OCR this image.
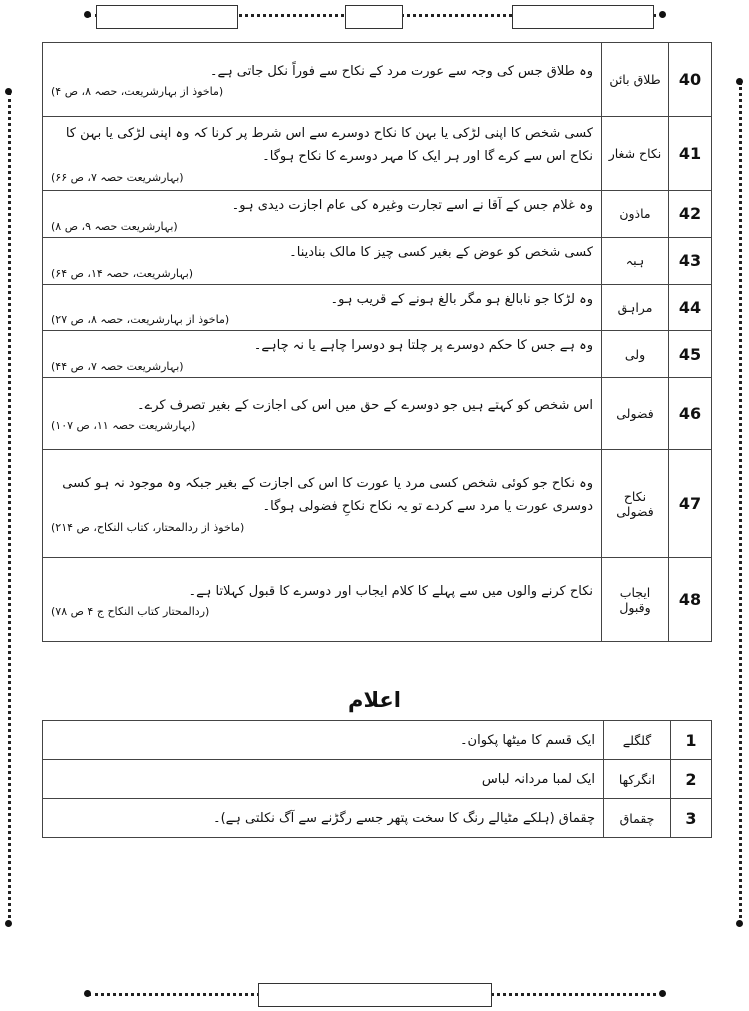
40	طلاق بائن	وہ طلاق جس کی وجہ سے عورت مرد کے نکاح سے فوراً نکل جاتی ہے۔
(ماخوذ از بہارشریعت، حصہ ۸، ص ۴)

41	نکاح شغار	کسی شخص کا اپنی لڑکی یا بہن کا نکاح دوسرے سے اس شرط پر کرنا کہ وہ اپنی لڑکی یا بہن کا نکاح اس سے کرے گا اور ہر ایک کا مہر دوسرے کا نکاح ہوگا۔
(بہارشریعت حصہ ۷، ص ۶۶)

42	ماذون	وہ غلام جس کے آقا نے اسے تجارت وغیرہ کی عام اجازت دیدی ہو۔
(بہارشریعت حصہ ۹، ص ۸)

43	ہبہ	کسی شخص کو عوض کے بغیر کسی چیز کا مالک بنادینا۔
(بہارشریعت، حصہ ۱۴، ص ۶۴)

44	مراہق	وہ لڑکا جو نابالغ ہو مگر بالغ ہونے کے قریب ہو۔
(ماخوذ از بہارشریعت، حصہ ۸، ص ۲۷)

45	ولی	وہ ہے جس کا حکم دوسرے پر چلتا ہو دوسرا چاہے یا نہ چاہے۔
(بہارشریعت حصہ ۷، ص ۴۴)

46	فضولی	اس شخص کو کہتے ہیں جو دوسرے کے حق میں اس کی اجازت کے بغیر تصرف کرے۔
(بہارشریعت حصہ ۱۱، ص ۱۰۷)

47	نکاح فضولی	وہ نکاح جو کوئی شخص کسی مرد یا عورت کا اس کی اجازت کے بغیر جبکہ وہ موجود نہ ہو کسی دوسری عورت یا مرد سے کردے تو یہ نکاح نکاحِ فضولی ہوگا۔
(ماخوذ از ردالمحتار، کتاب النکاح، ص ۲۱۴)

48	ایجاب وقبول	نکاح کرنے والوں میں سے پہلے کا کلام ایجاب اور دوسرے کا قبول کہلاتا ہے۔
(ردالمحتار کتاب النکاح ج ۴ ص ۷۸)
اعلام
1	گلگلے	ایک قسم کا میٹھا پکوان۔
2	انگرکھا	ایک لمبا مردانہ لباس
3	چقماق	چقماق (ہلکے مٹیالے رنگ کا سخت پتھر جسے رگڑنے سے آگ نکلتی ہے)۔
